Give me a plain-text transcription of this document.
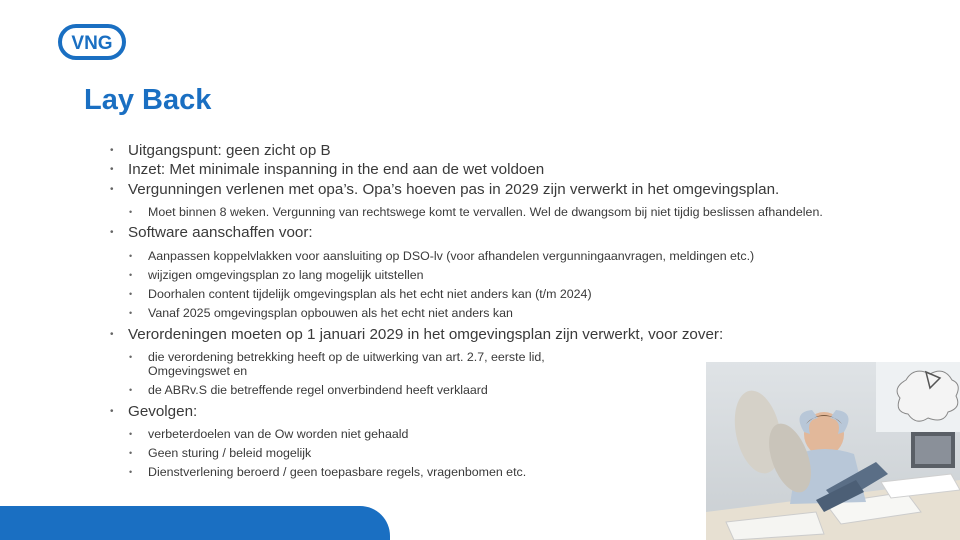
VNG
Lay Back
• Uitgangspunt: geen zicht op B
• Inzet: Met minimale inspanning in the end aan de wet voldoen
• Vergunningen verlenen met opa’s. Opa’s hoeven pas in 2029 zijn verwerkt in het omgevingsplan.
• Moet binnen 8 weken. Vergunning van rechtswege komt te vervallen. Wel de dwangsom bij niet tijdig beslissen afhandelen.
• Software aanschaffen voor:
• Aanpassen koppelvlakken voor aansluiting op DSO-lv (voor afhandelen vergunningaanvragen, meldingen etc.)
• wijzigen omgevingsplan zo lang mogelijk uitstellen
• Doorhalen content tijdelijk omgevingsplan als het echt niet anders kan (t/m 2024)
• Vanaf 2025 omgevingsplan opbouwen als het echt niet anders kan
• Verordeningen moeten op 1 januari 2029 in het omgevingsplan zijn verwerkt, voor zover:
• die verordening betrekking heeft op de uitwerking van art. 2.7, eerste lid, Omgevingswet en
• de ABRv.S die betreffende regel onverbindend heeft verklaard
• Gevolgen:
• verbeterdoelen van de Ow worden niet gehaald
• Geen sturing / beleid mogelijk
• Dienstverlening beroerd / geen toepasbare regels, vragenbomen etc.
